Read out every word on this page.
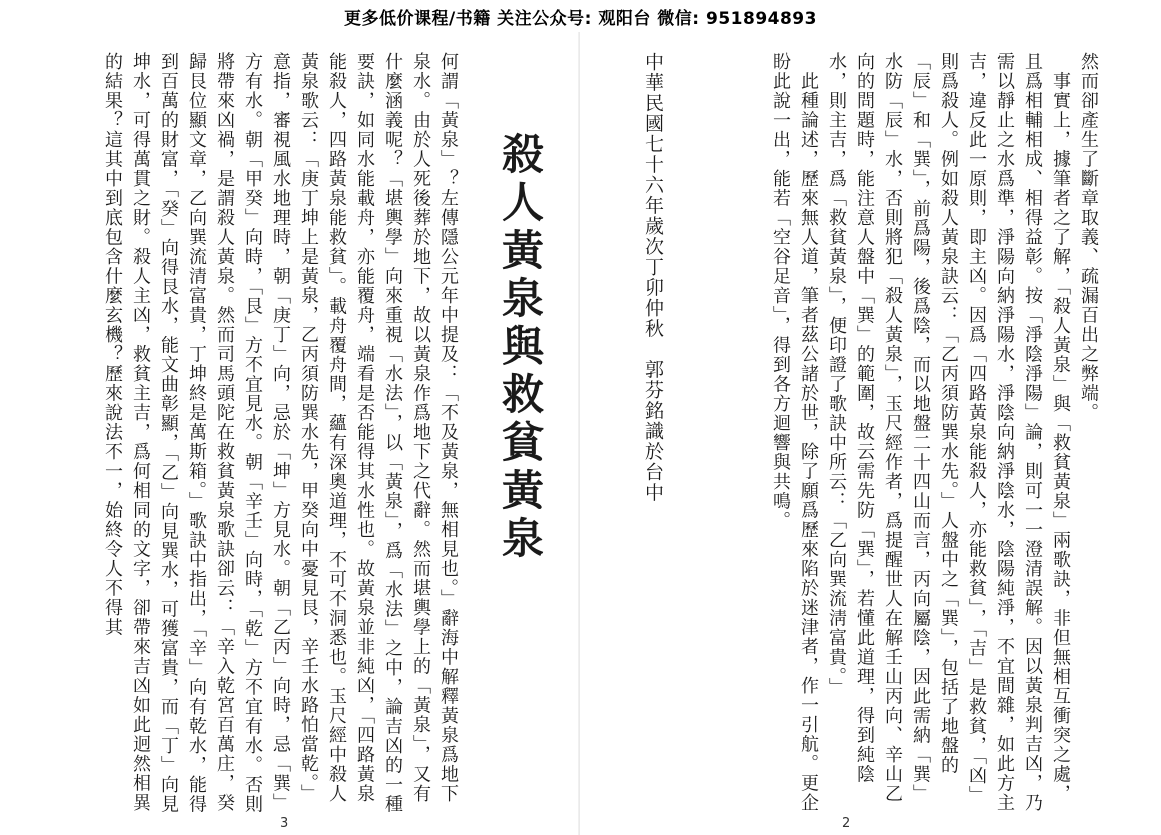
更多低价课程/书籍 关注公众号: 观阳台 微信: 951894893
何謂「黃泉」？左傳隱公元年中提及：「不及黃泉，無相見也。」辭海中解釋黃泉爲地下泉水。由於人死後葬於地下，故以黃泉作爲地下之代辭。然而堪輿學上的「黃泉」，又有什麼涵義呢？「堪輿學」向來重視「水法」，以「黃泉」，爲「水法」之中，論吉凶的一種要訣，如同水能載舟，亦能覆舟，端看是否能得其水性也。故黃泉並非純凶，「四路黃泉能殺人，四路黃泉能救貧」。載舟覆舟間，蘊有深奧道理，不可不洞悉也。玉尺經中殺人黃泉歌云：「庚丁坤上是黃泉，乙丙須防巽水先，甲癸向中憂見艮，辛壬水路怕當乾。」意指，審視風水地理時，朝「庚丁」向，忌於「坤」方見水。朝「乙丙」向時，忌「巽」方有水。朝「甲癸」向時，「艮」方不宜見水。朝「辛壬」向時，「乾」方不宜有水。否則將帶來凶禍，是謂殺人黃泉。然而司馬頭陀在救貧黃泉歌訣卻云：「辛入乾宮百萬庄，癸歸艮位顯文章，乙向巽流清富貴，丁坤終是萬斯箱。」歌訣中指出，「辛」向有乾水，能得到百萬的財富，「癸」向得艮水，能文曲彰顯，「乙」向見巽水，可獲富貴，而「丁」向見坤水，可得萬貫之財。殺人主凶，救貧主吉，爲何相同的文字，卻帶來吉凶如此迥然相異的結果？這其中到底包含什麼玄機？歷來說法不一，始終令人不得其	殺人黃泉與救貧黃泉
3
中華民國七十六年歲次丁卯仲秋　郭芬銘識於台中	然而卻產生了斷章取義、疏漏百出之弊端。
　事實上，據筆者之了解，「殺人黃泉」與「救貧黃泉」兩歌訣，非但無相互衝突之處，且爲相輔相成、相得益彰。按「淨陰淨陽」論，則可一一澄清誤解。因以黃泉判吉凶，乃需以靜止之水爲準，淨陽向納淨陽水，淨陰向納淨陰水，陰陽純淨，不宜間雜，如此方主吉，違反此一原則，即主凶。因爲「四路黃泉能殺人，亦能救貧」，「吉」是救貧，「凶」則爲殺人。例如殺人黃泉訣云：「乙丙須防巽水先。」人盤中之「巽」，包括了地盤的「辰」和「巽」，前爲陽，後爲陰，而以地盤二十四山而言，丙向屬陰，因此需納「巽」水防「辰」水，否則將犯「殺人黃泉」，玉尺經作者，爲提醒世人在解壬山丙向、辛山乙向的問題時，能注意人盤中「巽」的範圍，故云需先防「巽」，若懂此道理，得到純陰水，則主吉，爲「救貧黃泉」，便印證了歌訣中所云：「乙向巽流淸富貴。」
　此種論述，歷來無人道，筆者茲公諸於世，除了願爲歷來陷於迷津者，作一引航。更企盼此說一出，能若「空谷足音」，得到各方迴響與共鳴。
2
